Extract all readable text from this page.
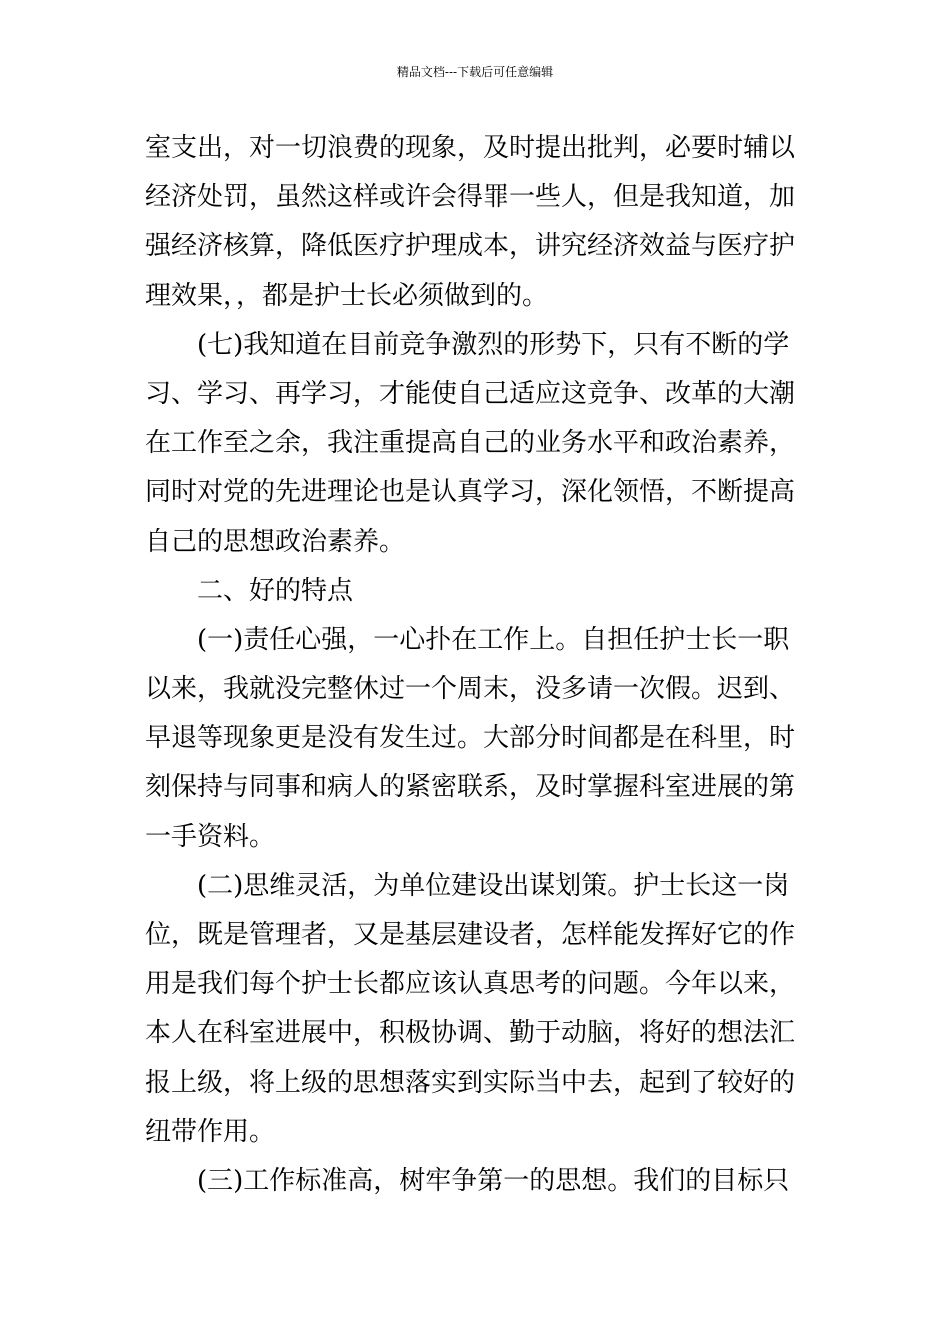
精品文档---下载后可任意编辑
室支出，对一切浪费的现象，及时提出批判，必要时辅以
经济处罚，虽然这样或许会得罪一些人，但是我知道，加
强经济核算，降低医疗护理成本，讲究经济效益与医疗护
理效果，，都是护士长必须做到的。
(七)我知道在目前竞争激烈的形势下，只有不断的学
习、学习、再学习，才能使自己适应这竞争、改革的大潮
在工作至之余，我注重提高自己的业务水平和政治素养，
同时对党的先进理论也是认真学习，深化领悟，不断提高
自己的思想政治素养。
二、好的特点
(一)责任心强，一心扑在工作上。自担任护士长一职
以来，我就没完整休过一个周末，没多请一次假。迟到、
早退等现象更是没有发生过。大部分时间都是在科里，时
刻保持与同事和病人的紧密联系，及时掌握科室进展的第
一手资料。
(二)思维灵活，为单位建设出谋划策。护士长这一岗
位，既是管理者，又是基层建设者，怎样能发挥好它的作
用是我们每个护士长都应该认真思考的问题。今年以来，
本人在科室进展中，积极协调、勤于动脑，将好的想法汇
报上级，将上级的思想落实到实际当中去，起到了较好的
纽带作用。
(三)工作标准高，树牢争第一的思想。我们的目标只
